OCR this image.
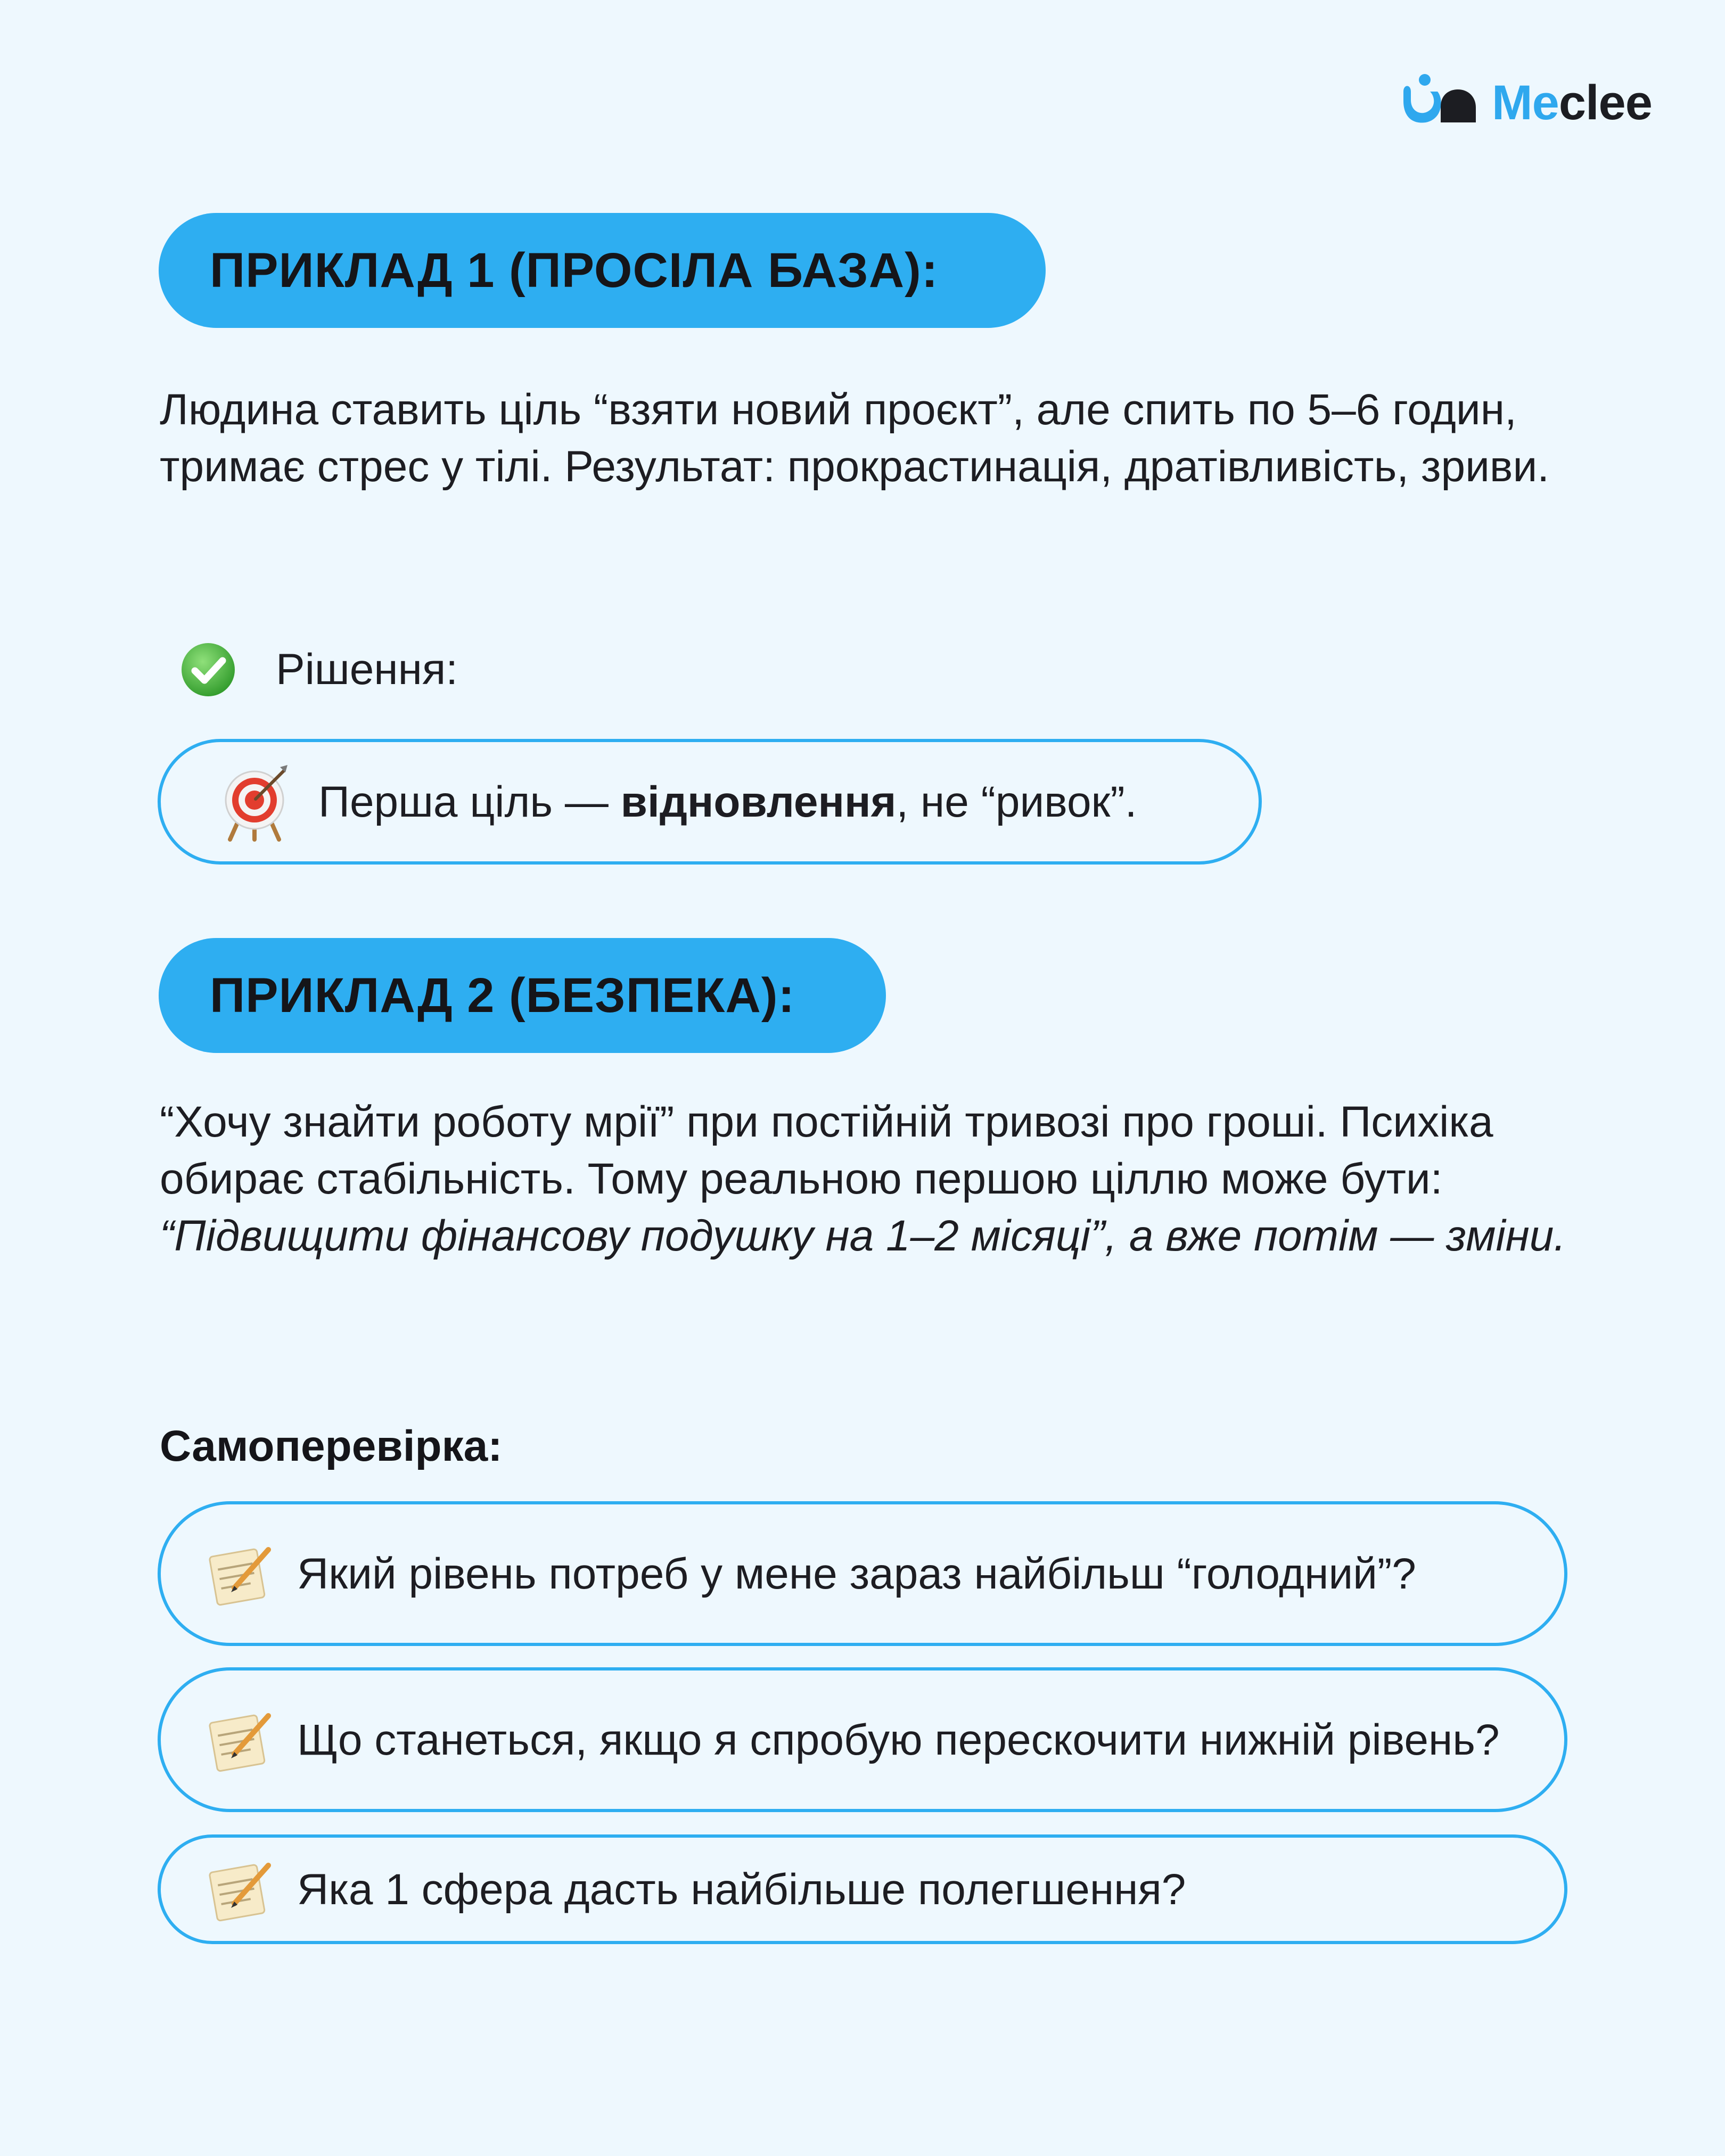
Meclee
ПРИКЛАД 1 (ПРОСІЛА БАЗА):

Людина ставить ціль “взяти новий проєкт”, але спить по 5–6 годин, тримає стрес у тілі. Результат: прокрастинація, дратівливість, зриви.

Рішення:
Перша ціль — відновлення, не “ривок”.
ПРИКЛАД 2 (БЕЗПЕКА):
“Хочу знайти роботу мрії” при постійній тривозі про гроші. Психіка обирає стабільність. Тому реальною першою ціллю може бути:
“Підвищити фінансову подушку на 1–2 місяці”, а вже потім — зміни.
Самоперевірка:
Який рівень потреб у мене зараз найбільш “голодний”?
Що станеться, якщо я спробую перескочити нижній рівень?
Яка 1 сфера дасть найбільше полегшення?
